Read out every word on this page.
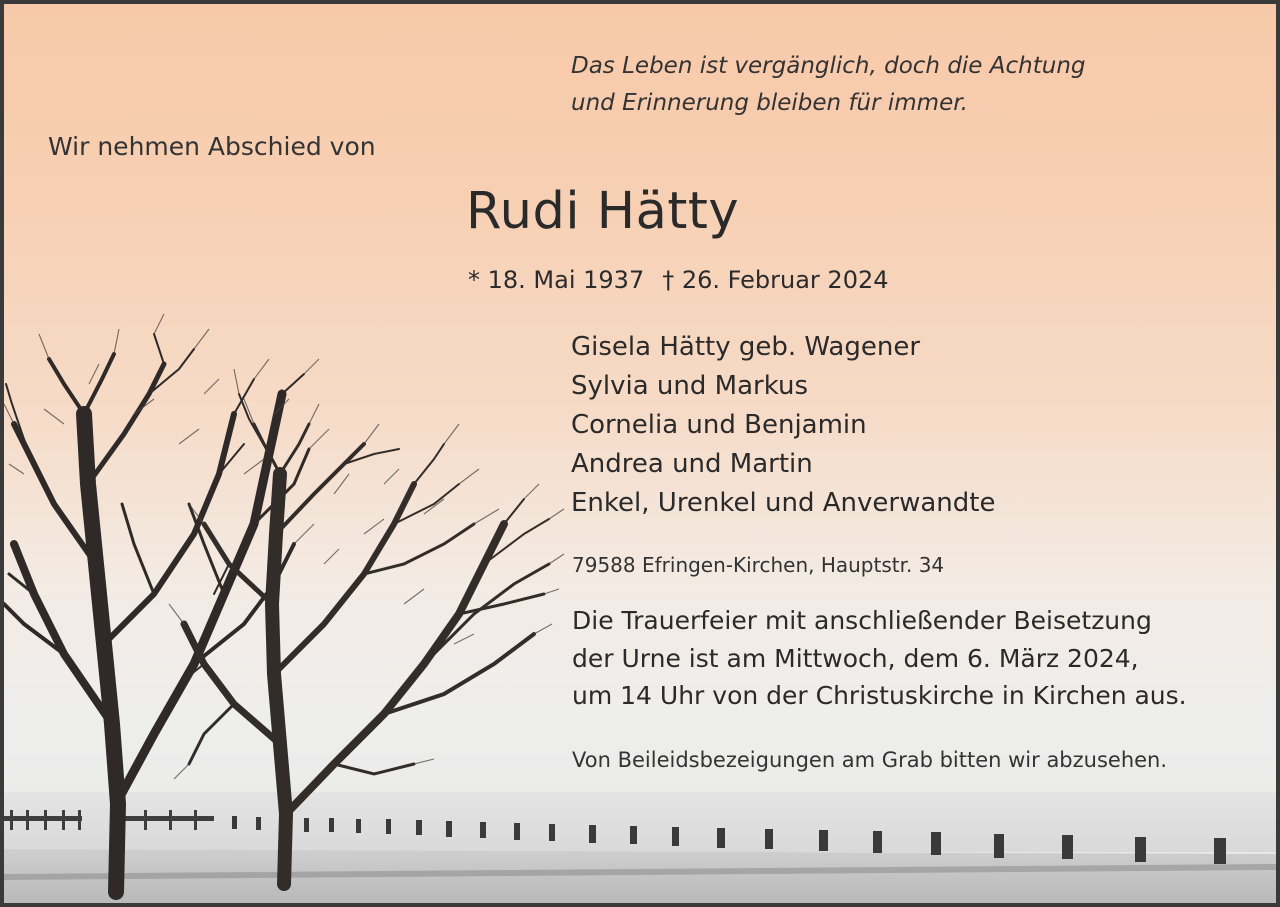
Das Leben ist vergänglich, doch die Achtung
und Erinnerung bleiben für immer.

Wir nehmen Abschied von

Rudi Hätty

* 18. Mai 1937 † 26. Februar 2024

Gisela Hätty geb. Wagener
Sylvia und Markus
Cornelia und Benjamin
Andrea und Martin
Enkel, Urenkel und Anverwandte

79588 Efringen-Kirchen, Hauptstr. 34

Die Trauerfeier mit anschließender Beisetzung
der Urne ist am Mittwoch, dem 6. März 2024,
um 14 Uhr von der Christuskirche in Kirchen aus.

Von Beileidsbezeigungen am Grab bitten wir abzusehen.
